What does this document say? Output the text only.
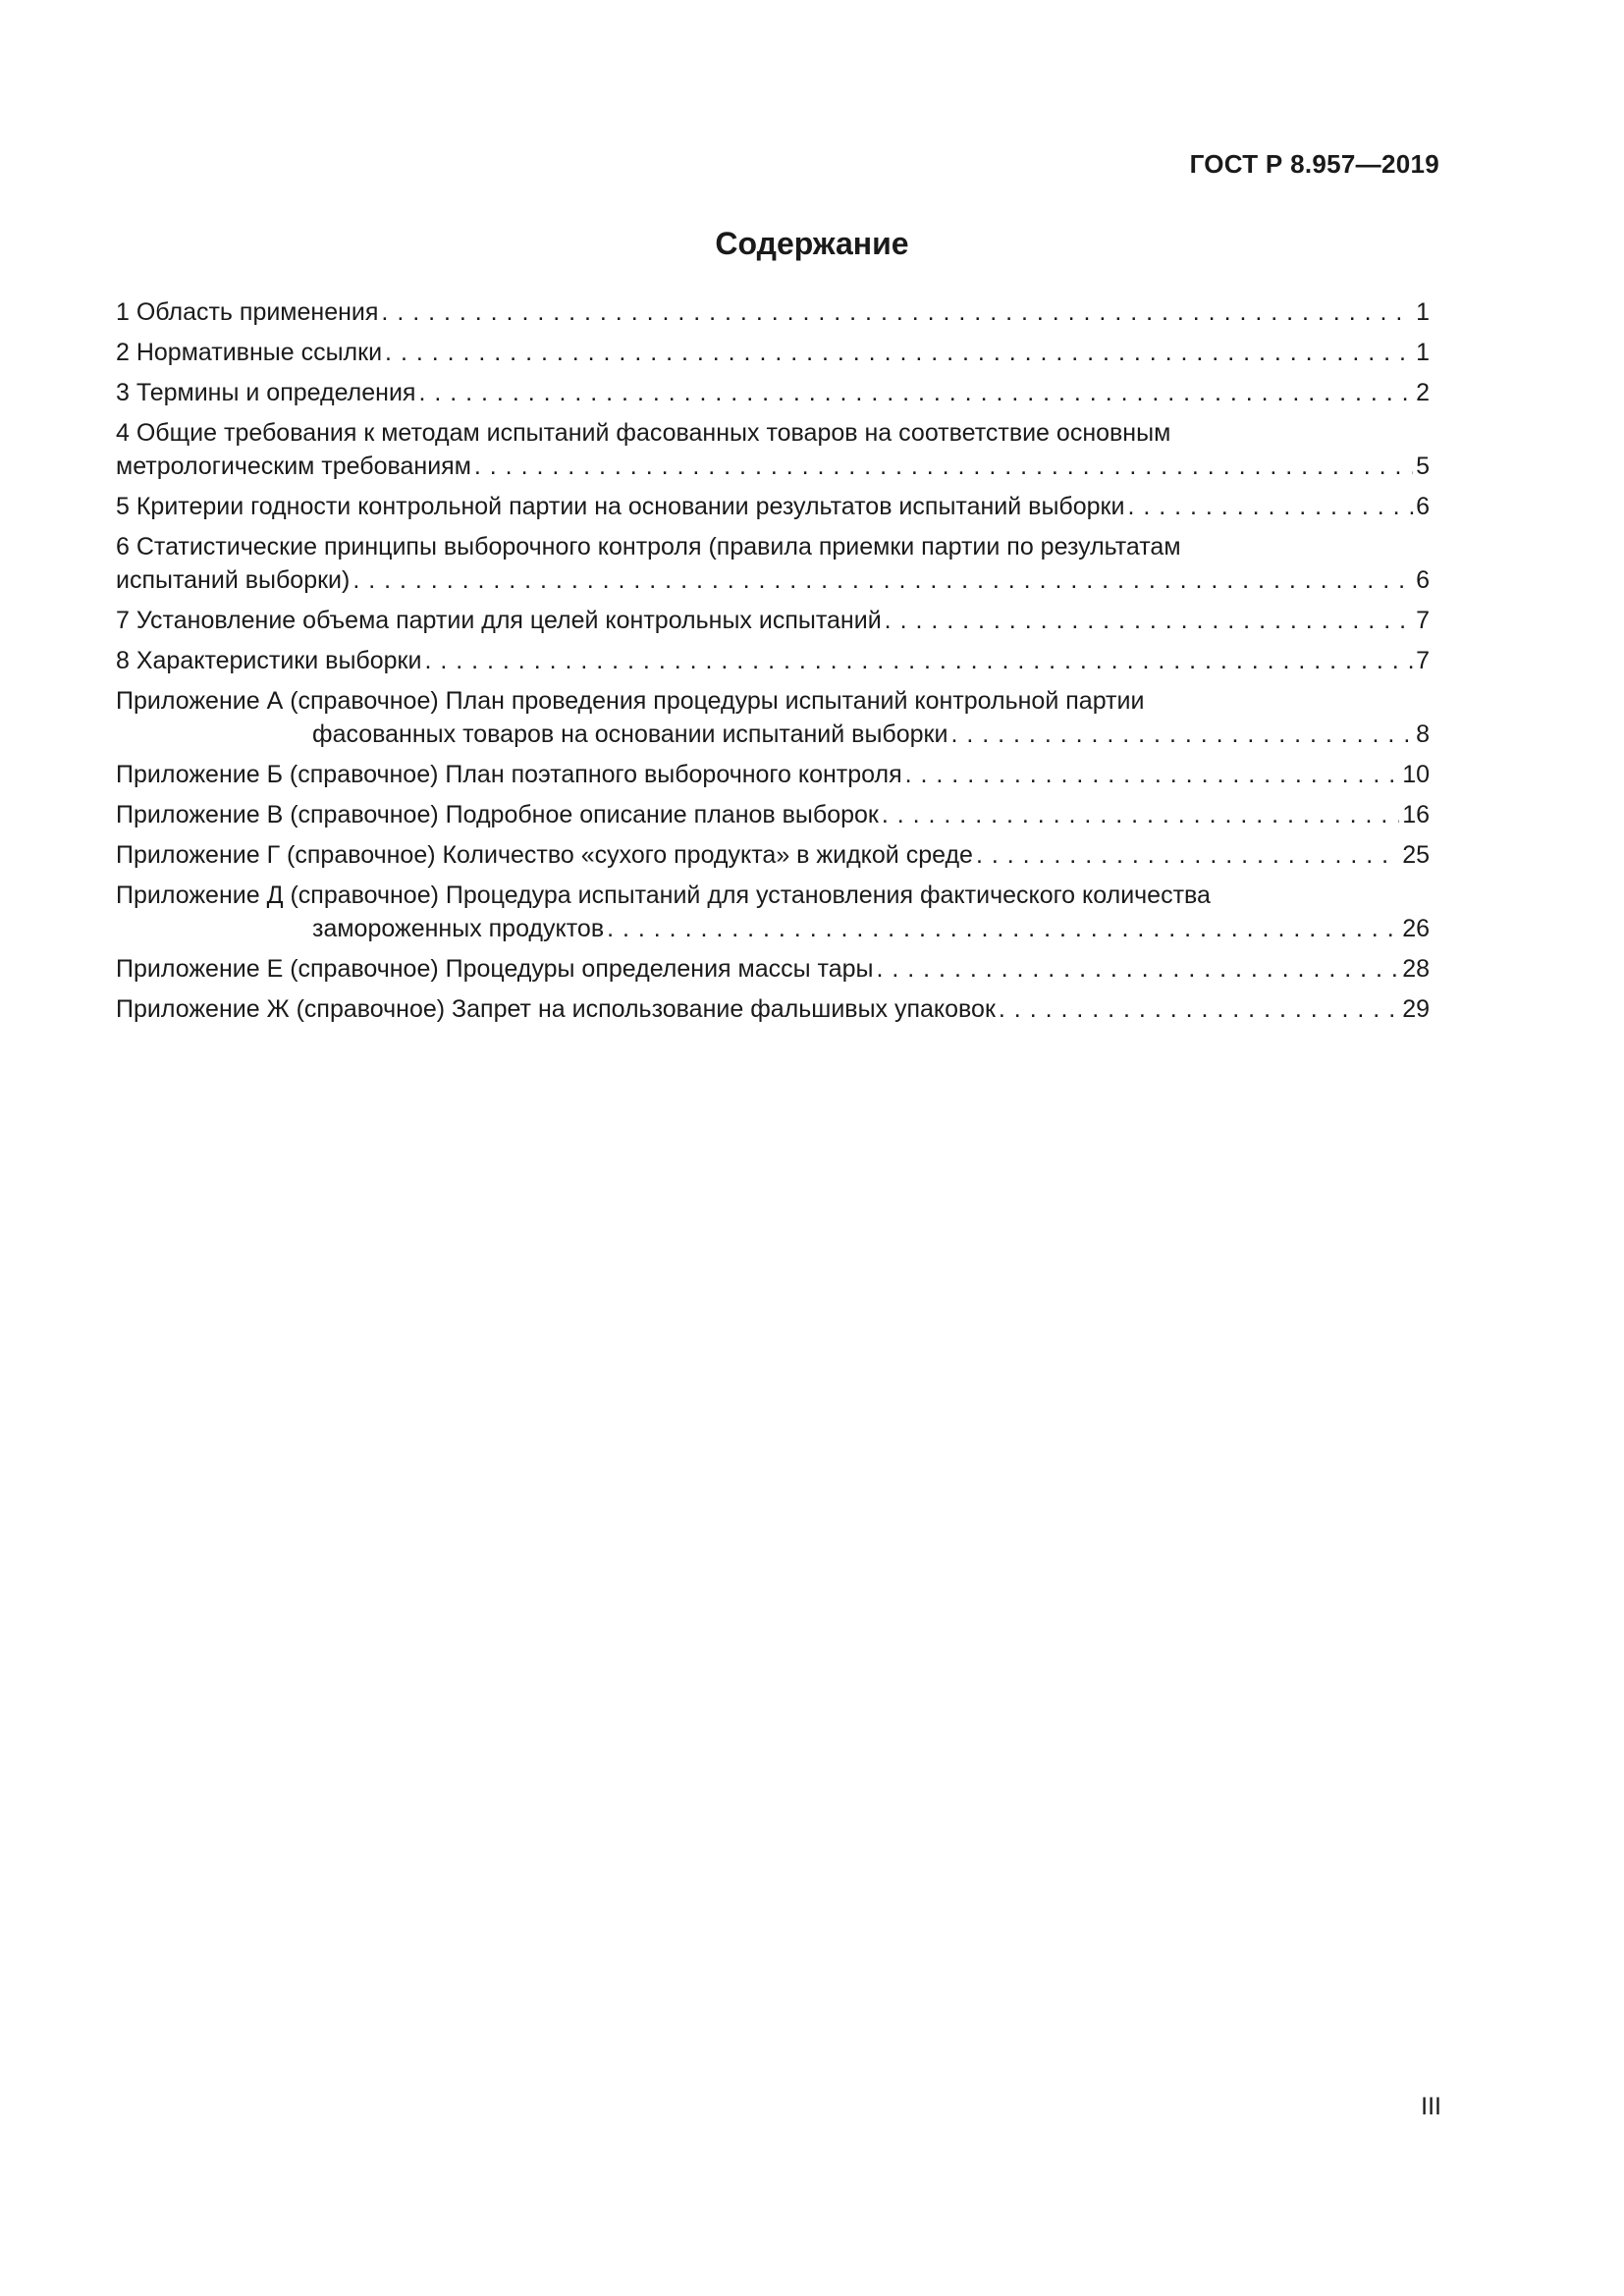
ГОСТ Р 8.957—2019
Содержание
1 Область применения . . .	1
2 Нормативные ссылки . . .	1
3 Термины и определения . . .	2
4 Общие требования к методам испытаний фасованных товаров на соответствие основным
метрологическим требованиям . . .	5
5 Критерии годности контрольной партии на основании результатов испытаний выборки . . .	6
6 Статистические принципы выборочного контроля (правила приемки партии по результатам
испытаний выборки) . . .	6
7 Установление объема партии для целей контрольных испытаний . . .	7
8 Характеристики выборки . . .	7
Приложение А (справочное) План проведения процедуры испытаний контрольной партии
фасованных товаров на основании испытаний выборки . . .	8
Приложение Б (справочное) План поэтапного выборочного контроля . . .	10
Приложение В (справочное) Подробное описание планов выборок . . .	16
Приложение Г (справочное) Количество «сухого продукта» в жидкой среде . . .	25
Приложение Д (справочное) Процедура испытаний для установления фактического количества
замороженных продуктов . . .	26
Приложение Е (справочное) Процедуры определения массы тары . . .	28
Приложение Ж (справочное) Запрет на использование фальшивых упаковок . . .	29
III
